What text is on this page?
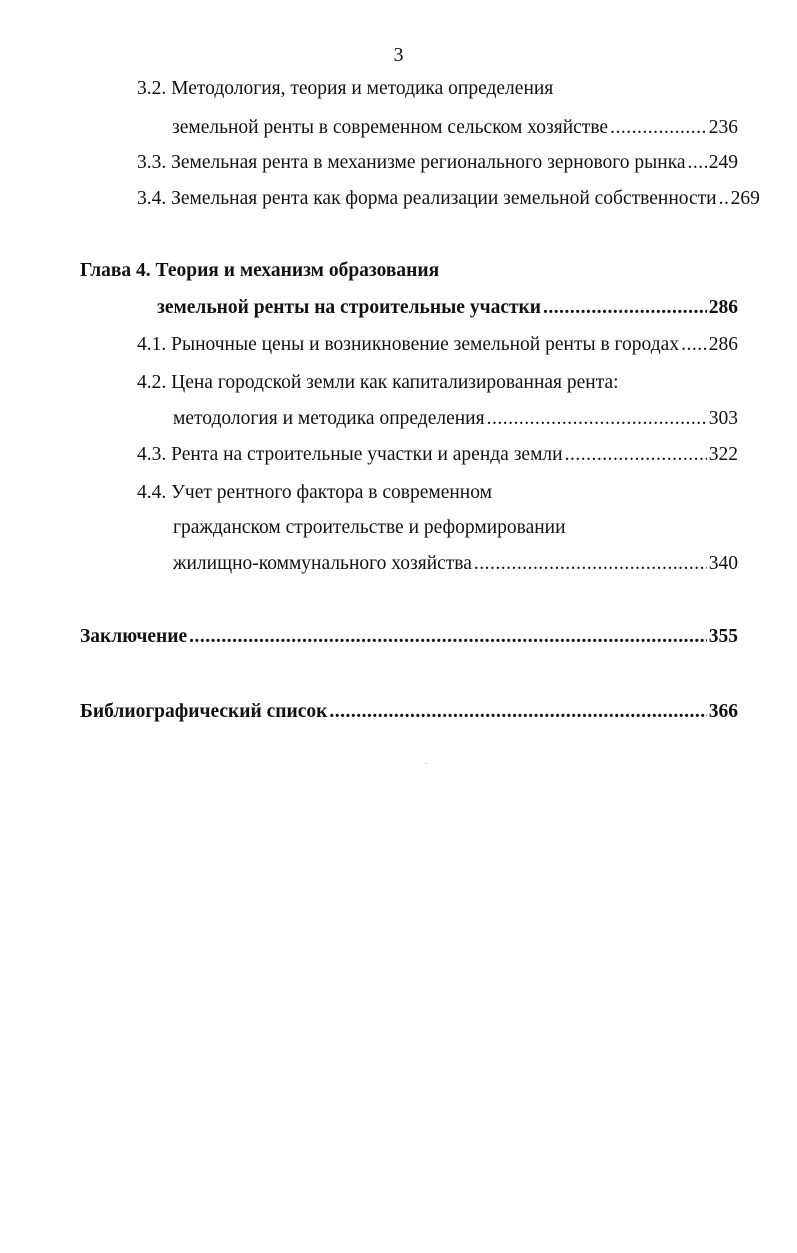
3
3.2. Методология, теория и методика определения
земельной ренты в современном сельском хозяйстве .....	236
3.3. Земельная рента в механизме регионального зернового рынка ..... 249
3.4. Земельная рента как форма реализации земельной собственности ..... 269
Глава 4. Теория и механизм образования
земельной ренты на строительные участки .....	286
4.1. Рыночные цены и возникновение земельной ренты в городах ..... 286
4.2. Цена городской земли как капитализированная рента:
методология и методика определения .....	303
4.3. Рента на строительные участки и аренда земли .....	322
4.4. Учет рентного фактора в современном
гражданском строительстве и реформировании
жилищно-коммунального хозяйства .....	340
Заключение .....	355
Библиографический список .....	366
